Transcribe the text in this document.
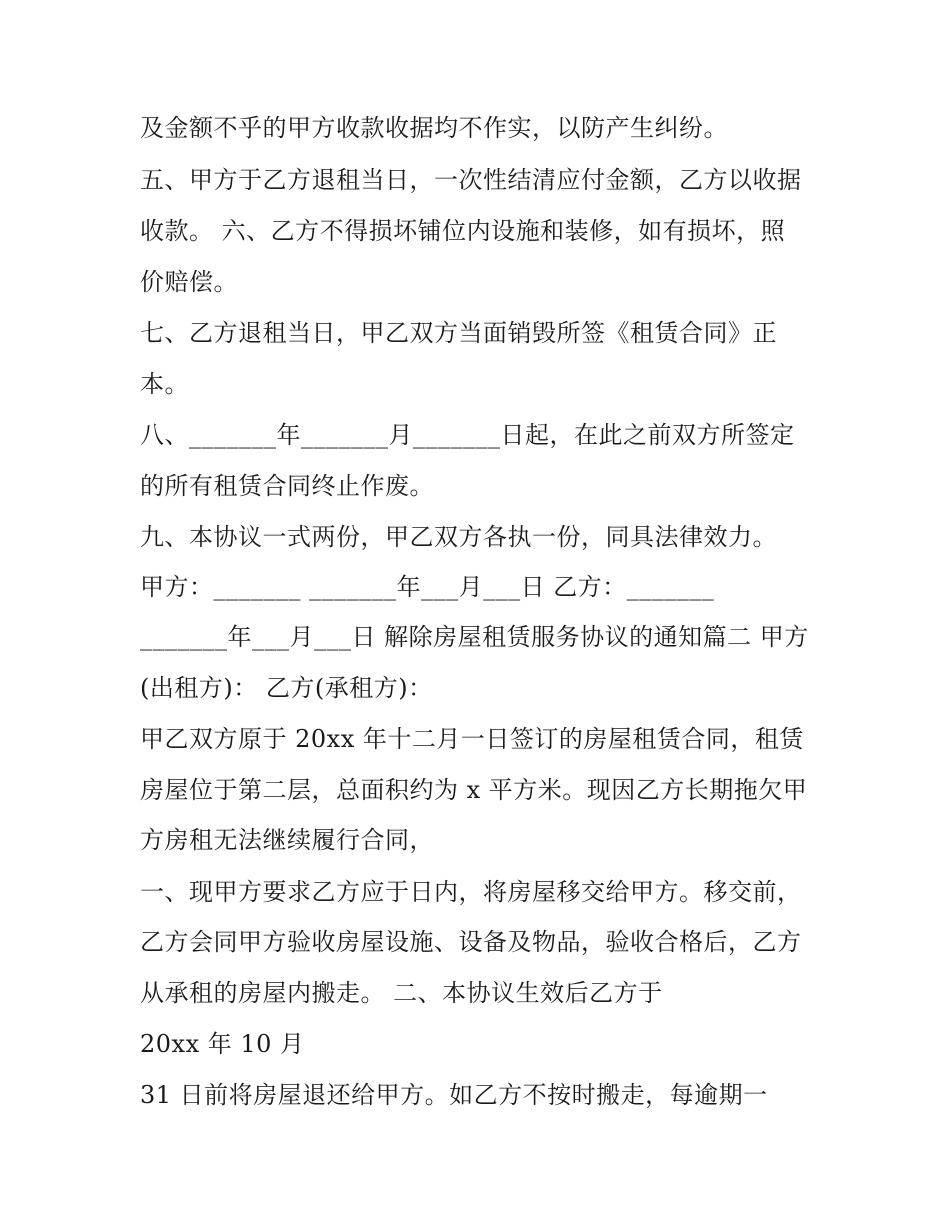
及金额不乎的甲方收款收据均不作实，以防产生纠纷。
五、甲方于乙方退租当日，一次性结清应付金额，乙方以收据
收款。 六、乙方不得损坏铺位内设施和装修，如有损坏，照
价赔偿。
七、乙方退租当日，甲乙双方当面销毁所签《租赁合同》正
本。
八、_______年_______月_______日起，在此之前双方所签定
的所有租赁合同终止作废。
九、本协议一式两份，甲乙双方各执一份，同具法律效力。
甲方：_______ _______年___月___日 乙方：_______
_______年___月___日 解除房屋租赁服务协议的通知篇二 甲方
(出租方)： 乙方(承租方)：
甲乙双方原于 20xx 年十二月一日签订的房屋租赁合同，租赁
房屋位于第二层，总面积约为 x 平方米。现因乙方长期拖欠甲
方房租无法继续履行合同，
一、现甲方要求乙方应于日内，将房屋移交给甲方。移交前，
乙方会同甲方验收房屋设施、设备及物品，验收合格后，乙方
从承租的房屋内搬走。 二、本协议生效后乙方于
20xx 年 10 月
31 日前将房屋退还给甲方。如乙方不按时搬走，每逾期一
